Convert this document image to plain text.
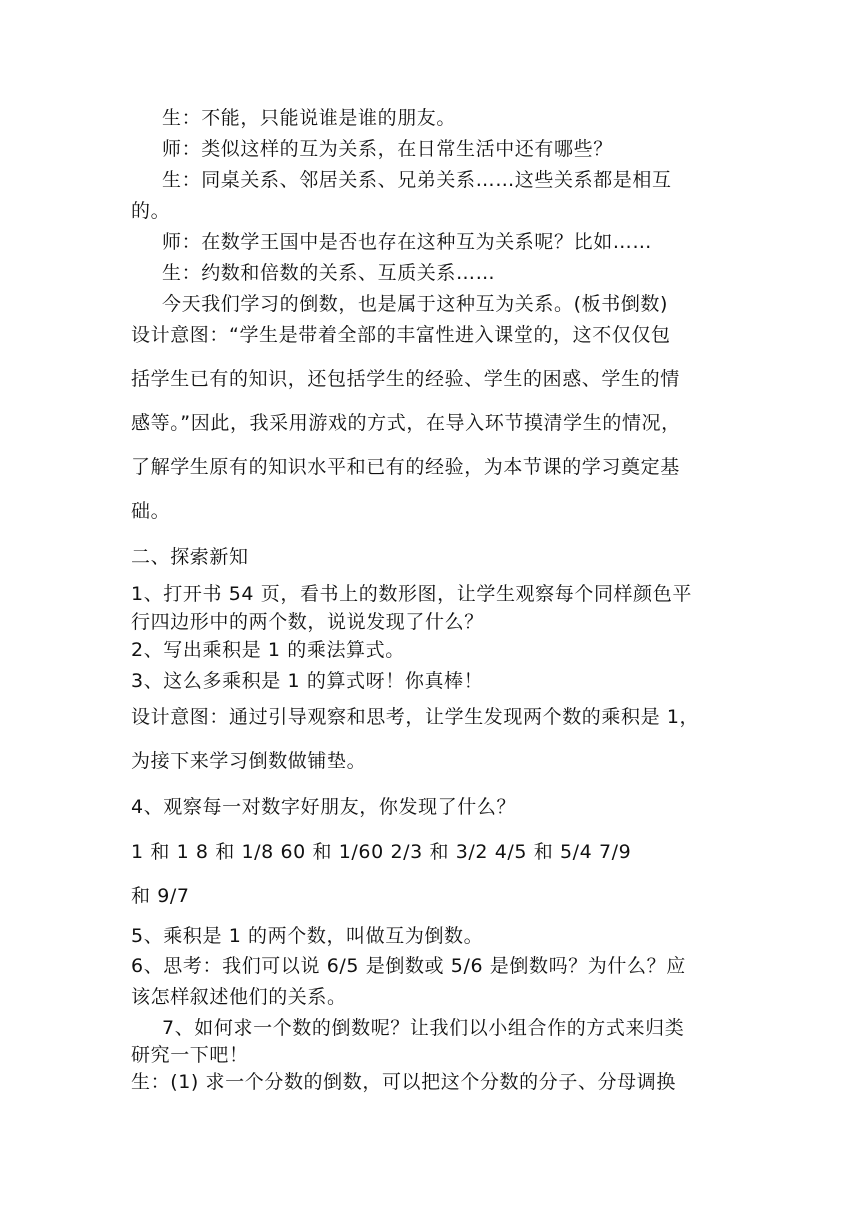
生：不能，只能说谁是谁的朋友。
师：类似这样的互为关系，在日常生活中还有哪些？
生：同桌关系、邻居关系、兄弟关系……这些关系都是相互
的。
师：在数学王国中是否也存在这种互为关系呢？比如……
生：约数和倍数的关系、互质关系……
今天我们学习的倒数，也是属于这种互为关系。(板书倒数)
设计意图：“学生是带着全部的丰富性进入课堂的，这不仅仅包
括学生已有的知识，还包括学生的经验、学生的困惑、学生的情
感等。”因此，我采用游戏的方式，在导入环节摸清学生的情况，
了解学生原有的知识水平和已有的经验，为本节课的学习奠定基
础。
二、探索新知
1、打开书 54 页，看书上的数形图，让学生观察每个同样颜色平
行四边形中的两个数，说说发现了什么？
2、写出乘积是 1 的乘法算式。
3、这么多乘积是 1 的算式呀！你真棒！
设计意图：通过引导观察和思考，让学生发现两个数的乘积是 1，
为接下来学习倒数做铺垫。
4、观察每一对数字好朋友，你发现了什么？
1 和 1 8 和 1/8 60 和 1/60 2/3 和 3/2 4/5 和 5/4 7/9
和 9/7
5、乘积是 1 的两个数，叫做互为倒数。
6、思考：我们可以说 6/5 是倒数或 5/6 是倒数吗？为什么？应
该怎样叙述他们的关系。
7、如何求一个数的倒数呢？让我们以小组合作的方式来归类
研究一下吧！
生：(1) 求一个分数的倒数，可以把这个分数的分子、分母调换
